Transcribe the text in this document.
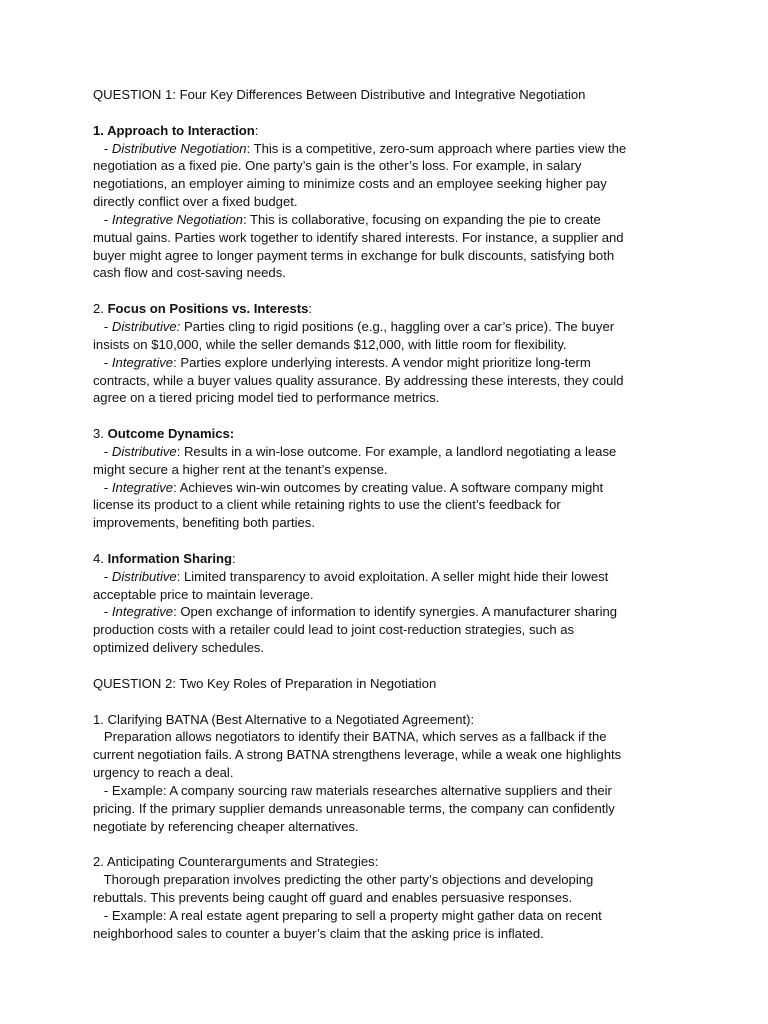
QUESTION 1: Four Key Differences Between Distributive and Integrative Negotiation
1. Approach to Interaction:
- Distributive Negotiation: This is a competitive, zero-sum approach where parties view the
negotiation as a fixed pie. One party’s gain is the other’s loss. For example, in salary
negotiations, an employer aiming to minimize costs and an employee seeking higher pay
directly conflict over a fixed budget.
- Integrative Negotiation: This is collaborative, focusing on expanding the pie to create
mutual gains. Parties work together to identify shared interests. For instance, a supplier and
buyer might agree to longer payment terms in exchange for bulk discounts, satisfying both
cash flow and cost-saving needs.
2. Focus on Positions vs. Interests:
- Distributive: Parties cling to rigid positions (e.g., haggling over a car’s price). The buyer
insists on $10,000, while the seller demands $12,000, with little room for flexibility.
- Integrative: Parties explore underlying interests. A vendor might prioritize long-term
contracts, while a buyer values quality assurance. By addressing these interests, they could
agree on a tiered pricing model tied to performance metrics.
3. Outcome Dynamics:
- Distributive: Results in a win-lose outcome. For example, a landlord negotiating a lease
might secure a higher rent at the tenant’s expense.
- Integrative: Achieves win-win outcomes by creating value. A software company might
license its product to a client while retaining rights to use the client’s feedback for
improvements, benefiting both parties.
4. Information Sharing:
- Distributive: Limited transparency to avoid exploitation. A seller might hide their lowest
acceptable price to maintain leverage.
- Integrative: Open exchange of information to identify synergies. A manufacturer sharing
production costs with a retailer could lead to joint cost-reduction strategies, such as
optimized delivery schedules.
QUESTION 2: Two Key Roles of Preparation in Negotiation
1. Clarifying BATNA (Best Alternative to a Negotiated Agreement):
Preparation allows negotiators to identify their BATNA, which serves as a fallback if the
current negotiation fails. A strong BATNA strengthens leverage, while a weak one highlights
urgency to reach a deal.
- Example: A company sourcing raw materials researches alternative suppliers and their
pricing. If the primary supplier demands unreasonable terms, the company can confidently
negotiate by referencing cheaper alternatives.
2. Anticipating Counterarguments and Strategies:
Thorough preparation involves predicting the other party’s objections and developing
rebuttals. This prevents being caught off guard and enables persuasive responses.
- Example: A real estate agent preparing to sell a property might gather data on recent
neighborhood sales to counter a buyer’s claim that the asking price is inflated.
